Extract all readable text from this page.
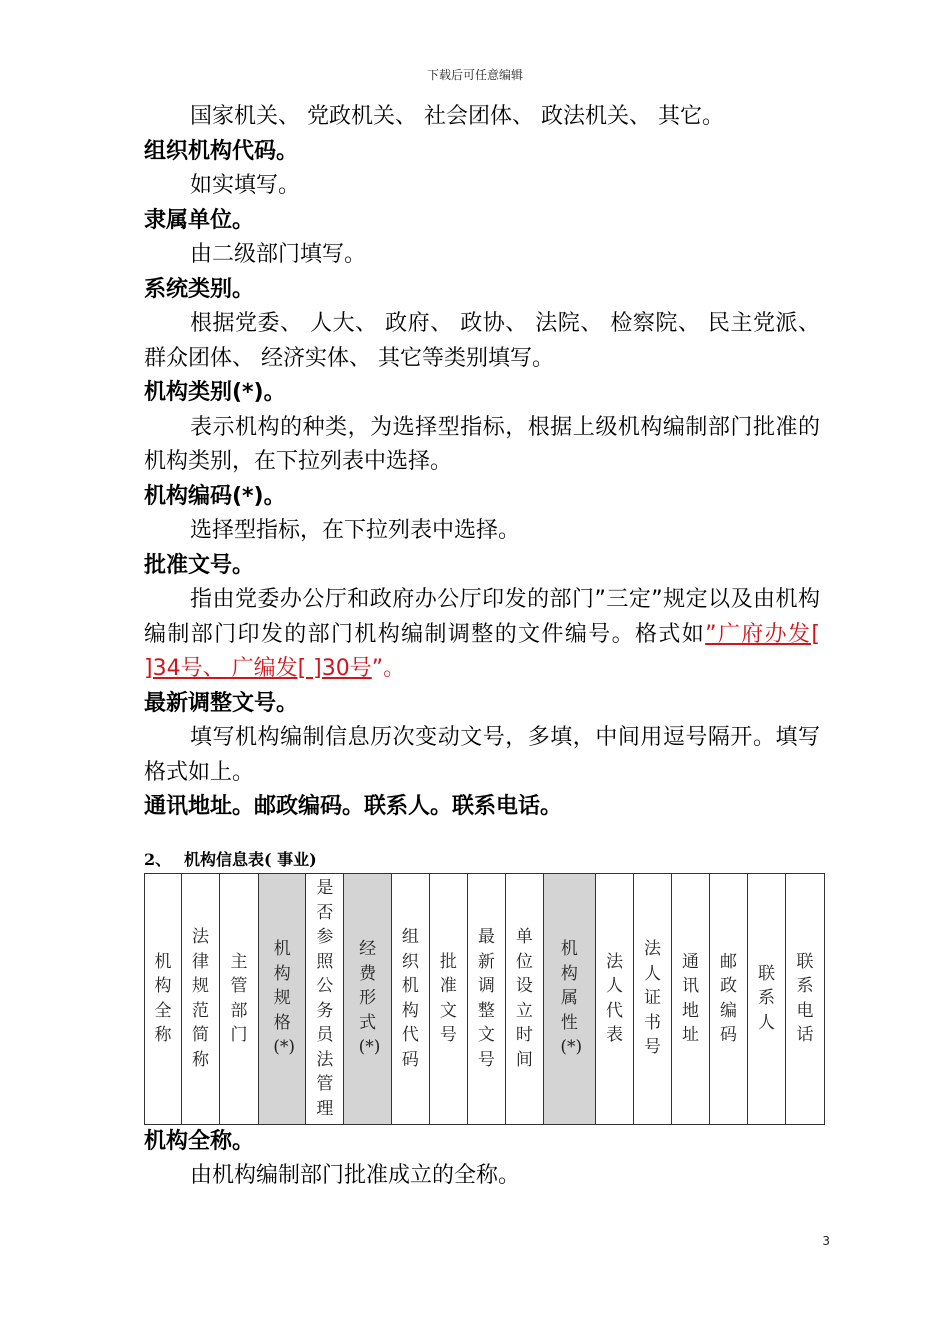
下载后可任意编辑
国家机关、 党政机关、 社会团体、 政法机关、 其它。
组织机构代码。
如实填写。
隶属单位。
由二级部门填写。
系统类别。
根据党委、 人大、 政府、 政协、 法院、 检察院、 民主党派、 群众团体、 经济实体、 其它等类别填写。
机构类别(*)。
表示机构的种类，为选择型指标，根据上级机构编制部门批准的机构类别，在下拉列表中选择。
机构编码(*)。
选择型指标，在下拉列表中选择。
批准文号。
指由党委办公厅和政府办公厅印发的部门”三定”规定以及由机构编制部门印发的部门机构编制调整的文件编号。格式如”广府办发[ ]34号、 广编发[ ]30号”。
最新调整文号。
填写机构编制信息历次变动文号，多填，中间用逗号隔开。填写格式如上。
通讯地址。邮政编码。联系人。联系电话。
2、 机构信息表( 事业)
机构全称	法律规范简称	主管部门	机构规格(*)	是否参照公务员法管理	经费形式(*)	组织机构代码	批准文号	最新调整文号	单位设立时间	机构属性(*)	法人代表	法人证书号	通讯地址	邮政编码	联系人	联系电话
机构全称。
由机构编制部门批准成立的全称。
3
